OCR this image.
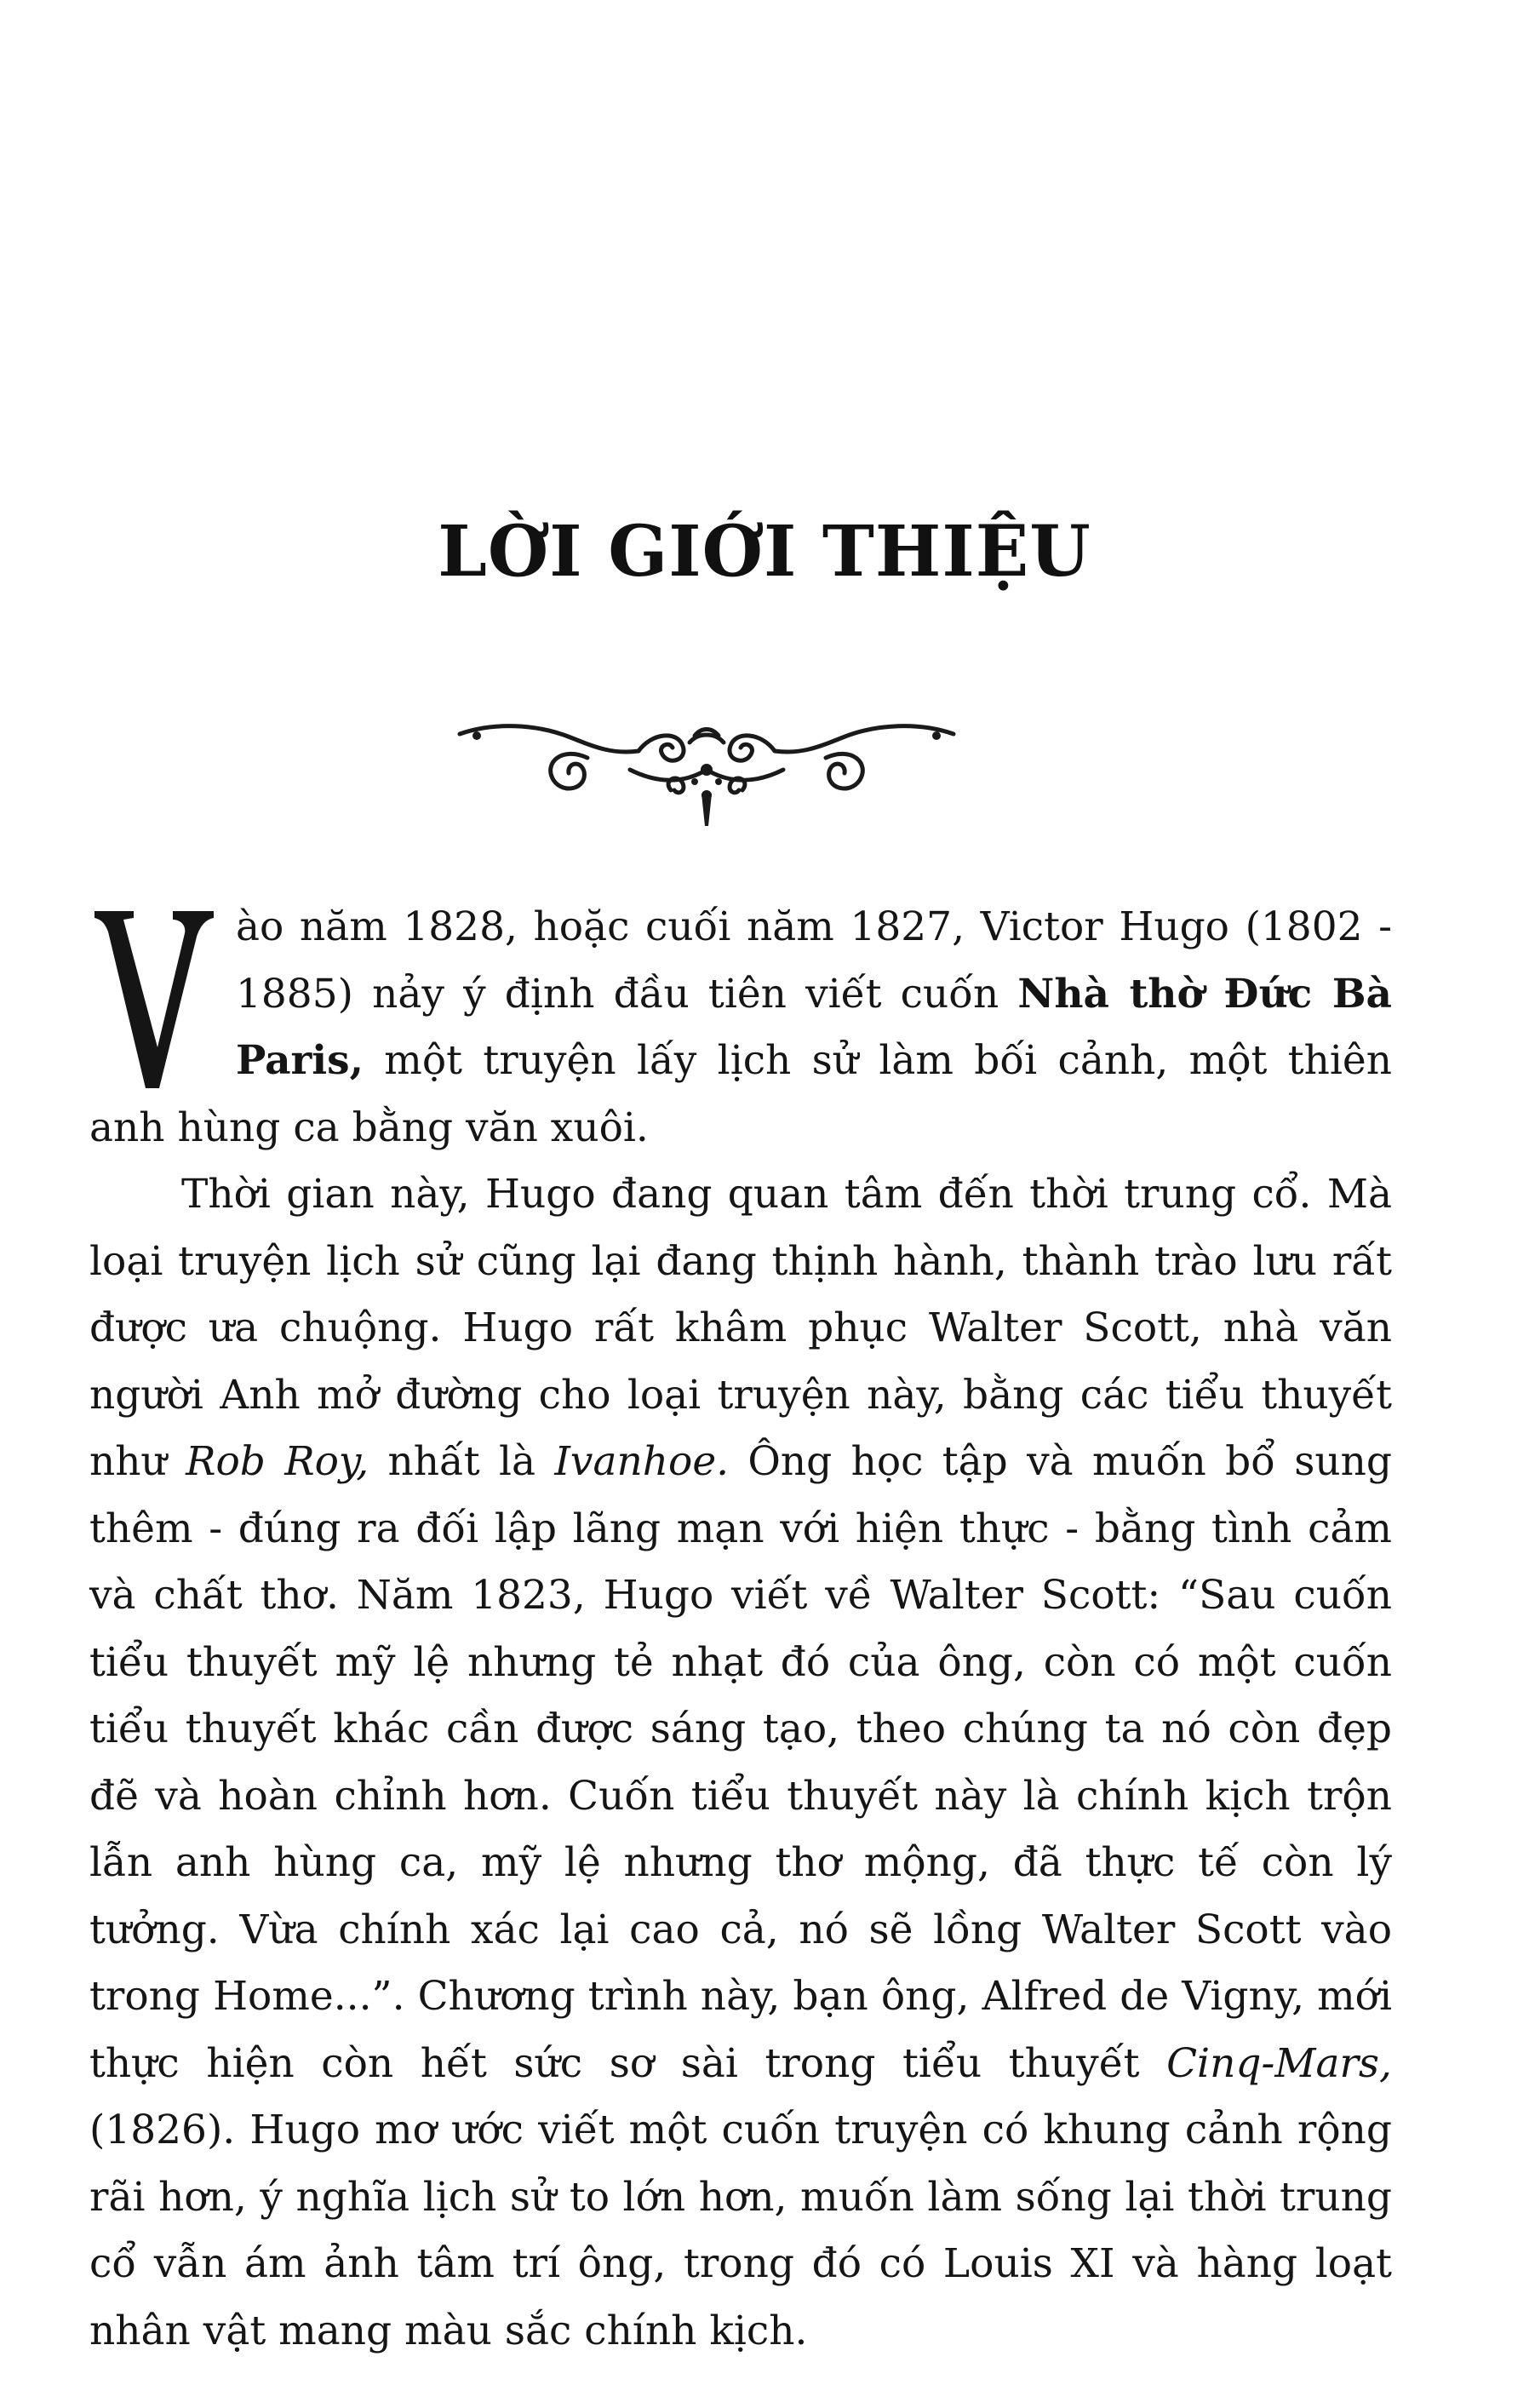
LỜI GIỚI THIỆU

ào năm 1828, hoặc cuối năm 1827, Victor Hugo (1802 - 1885) nảy ý định đầu tiên viết cuốn Nhà thờ Đức Bà Paris, một truyện lấy lịch sử làm bối cảnh, một thiên anh hùng ca bằng văn xuôi.

Thời gian này, Hugo đang quan tâm đến thời trung cổ. Mà loại truyện lịch sử cũng lại đang thịnh hành, thành trào lưu rất được ưa chuộng. Hugo rất khâm phục Walter Scott, nhà văn người Anh mở đường cho loại truyện này, bằng các tiểu thuyết như Rob Roy, nhất là Ivanhoe. Ông học tập và muốn bổ sung thêm - đúng ra đối lập lãng mạn với hiện thực - bằng tình cảm và chất thơ. Năm 1823, Hugo viết về Walter Scott: “Sau cuốn tiểu thuyết mỹ lệ nhưng tẻ nhạt đó của ông, còn có một cuốn tiểu thuyết khác cần được sáng tạo, theo chúng ta nó còn đẹp đẽ và hoàn chỉnh hơn. Cuốn tiểu thuyết này là chính kịch trộn lẫn anh hùng ca, mỹ lệ nhưng thơ mộng, đã thực tế còn lý tưởng. Vừa chính xác lại cao cả, nó sẽ lồng Walter Scott vào trong Home...”. Chương trình này, bạn ông, Alfred de Vigny, mới thực hiện còn hết sức sơ sài trong tiểu thuyết Cinq-Mars, (1826). Hugo mơ ước viết một cuốn truyện có khung cảnh rộng rãi hơn, ý nghĩa lịch sử to lớn hơn, muốn làm sống lại thời trung cổ vẫn ám ảnh tâm trí ông, trong đó có Louis XI và hàng loạt nhân vật mang màu sắc chính kịch.
